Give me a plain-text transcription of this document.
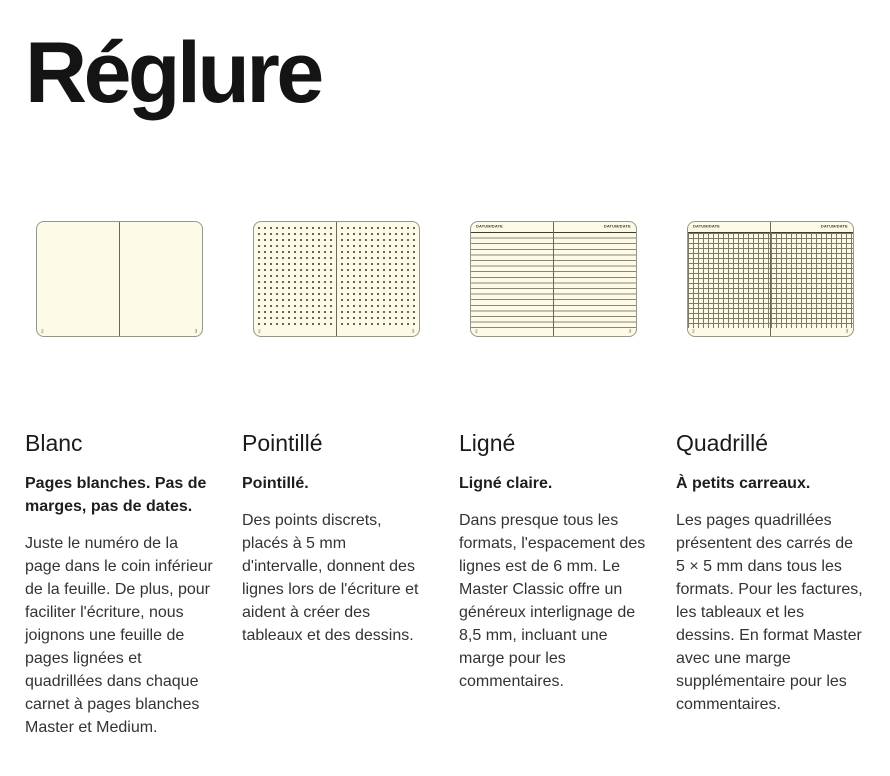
Réglure
2	3
Blanc

Pages blanches. Pas de marges, pas de dates.

Juste le numéro de la page dans le coin inférieur de la feuille. De plus, pour faciliter l'écriture, nous joignons une feuille de pages lignées et quadrillées dans chaque carnet à pages blanches Master et Medium.

2	3
Pointillé

Pointillé.

Des points discrets, placés à 5 mm d'intervalle, donnent des lignes lors de l'écriture et aident à créer des tableaux et des dessins.

DATUM/DATE
2
DATUM/DATE
3
Ligné

Ligné claire.

Dans presque tous les formats, l'espacement des lignes est de 6 mm. Le Master Classic offre un généreux interlignage de 8,5 mm, incluant une marge pour les commentaires.

DATUM/DATE
2
DATUM/DATE
3
Quadrillé

À petits carreaux.

Les pages quadrillées présentent des carrés de 5 × 5 mm dans tous les formats. Pour les factures, les tableaux et les dessins. En format Master avec une marge supplémentaire pour les commentaires.
